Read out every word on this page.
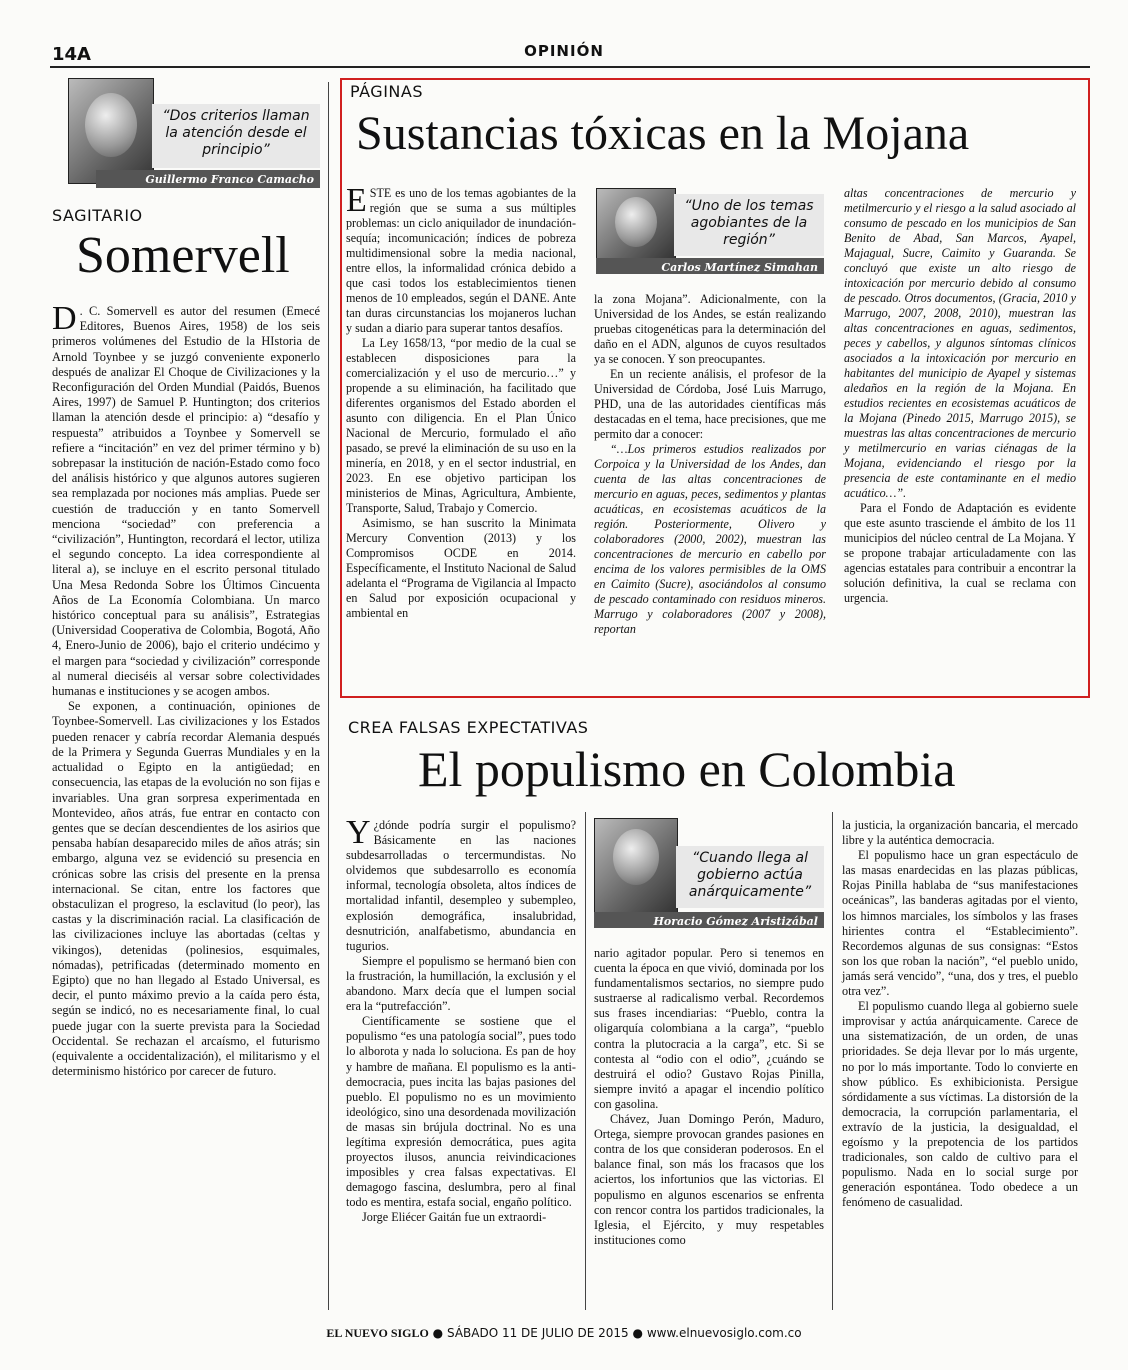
14A	OPINIÓN
“Dos criterios llaman la atención desde el principio”
Guillermo Franco Camacho
SAGITARIO
Somervell

D . C. Somervell es autor del resumen (Emecé Editores, Buenos Aires, 1958) de los seis primeros volúmenes del Estudio de la HIstoria de Arnold Toynbee y se juzgó conveniente exponerlo después de analizar El Choque de Civilizaciones y la Reconfiguración del Orden Mundial (Paidós, Buenos Aires, 1997) de Samuel P. Huntington; dos criterios llaman la atención desde el principio: a) “desafío y respuesta” atribuidos a Toynbee y Somervell se refiere a “incitación” en vez del primer término y b) sobrepasar la institución de nación-Estado como foco del análisis histórico y que algunos autores sugieren sea remplazada por nociones más amplias. Puede ser cuestión de traducción y en tanto Somervell menciona “sociedad” con preferencia a “civilización”, Huntington, recordará el lector, utiliza el segundo concepto. La idea correspondiente al literal a), se incluye en el escrito personal titulado Una Mesa Redonda Sobre los Últimos Cincuenta Años de La Economía Colombiana. Un marco histórico conceptual para su análisis”, Estrategias (Universidad Cooperativa de Colombia, Bogotá, Año 4, Enero-Junio de 2006), bajo el criterio undécimo y el margen para “sociedad y civilización” corresponde al numeral dieciséis al versar sobre colectividades humanas e instituciones y se acogen ambos.

Se exponen, a continuación, opiniones de Toynbee-Somervell. Las civilizaciones y los Estados pueden renacer y cabría recordar Alemania después de la Primera y Segunda Guerras Mundiales y en la actualidad o Egipto en la antigüedad; en consecuencia, las etapas de la evolución no son fijas e invariables. Una gran sorpresa experimentada en Montevideo, años atrás, fue entrar en contacto con gentes que se decían descendientes de los asirios que pensaba habían desaparecido miles de años atrás; sin embargo, alguna vez se evidenció su presencia en crónicas sobre las crisis del presente en la prensa internacional. Se citan, entre los factores que obstaculizan el progreso, la esclavitud (lo peor), las castas y la discriminación racial. La clasificación de las civilizaciones incluye las abortadas (celtas y vikingos), detenidas (polinesios, esquimales, nómadas), petrificadas (determinado momento en Egipto) que no han llegado al Estado Universal, es decir, el punto máximo previo a la caída pero ésta, según se indicó, no es necesariamente final, lo cual puede jugar con la suerte prevista para la Sociedad Occidental. Se rechazan el arcaísmo, el futurismo (equivalente a occidentalización), el militarismo y el determinismo histórico por carecer de futuro.

PÁGINAS
Sustancias tóxicas en la Mojana
“Uno de los temas agobiantes de la región”
Carlos Martínez Simahan

ESTE es uno de los temas agobiantes de la región que se suma a sus múltiples problemas: un ciclo aniquilador de inundación-sequía; incomunicación; índices de pobreza multidimensional sobre la media nacional, entre ellos, la informalidad crónica debido a que casi todos los establecimientos tienen menos de 10 empleados, según el DANE. Ante tan duras circunstancias los mojaneros luchan y sudan a diario para superar tantos desafíos.

La Ley 1658/13, “por medio de la cual se establecen disposiciones para la comercialización y el uso de mercurio…” y propende a su eliminación, ha facilitado que diferentes organismos del Estado aborden el asunto con diligencia. En el Plan Único Nacional de Mercurio, formulado el año pasado, se prevé la eliminación de su uso en la minería, en 2018, y en el sector industrial, en 2023. En ese objetivo participan los ministerios de Minas, Agricultura, Ambiente, Transporte, Salud, Trabajo y Comercio.

Asimismo, se han suscrito la Minimata Mercury Convention (2013) y los Compromisos OCDE en 2014. Específicamente, el Instituto Nacional de Salud adelanta el “Programa de Vigilancia al Impacto en Salud por exposición ocupacional y ambiental en

la zona Mojana”. Adicionalmente, con la Universidad de los Andes, se están realizando pruebas citogenéticas para la determinación del daño en el ADN, algunos de cuyos resultados ya se conocen. Y son preocupantes.

En un reciente análisis, el profesor de la Universidad de Córdoba, José Luis Marrugo, PHD, una de las autoridades científicas más destacadas en el tema, hace precisiones, que me permito dar a conocer:

“…Los primeros estudios realizados por Corpoica y la Universidad de los Andes, dan cuenta de las altas concentraciones de mercurio en aguas, peces, sedimentos y plantas acuáticas, en ecosistemas acuáticos de la región. Posteriormente, Olivero y colaboradores (2000, 2002), muestran las concentraciones de mercurio en cabello por encima de los valores permisibles de la OMS en Caimito (Sucre), asociándolos al consumo de pescado contaminado con residuos mineros. Marrugo y colaboradores (2007 y 2008), reportan

altas concentraciones de mercurio y metilmercurio y el riesgo a la salud asociado al consumo de pescado en los municipios de San Benito de Abad, San Marcos, Ayapel, Majagual, Sucre, Caimito y Guaranda. Se concluyó que existe un alto riesgo de intoxicación por mercurio debido al consumo de pescado. Otros documentos, (Gracia, 2010 y Marrugo, 2007, 2008, 2010), muestran las altas concentraciones en aguas, sedimentos, peces y cabellos, y algunos síntomas clínicos asociados a la intoxicación por mercurio en habitantes del municipio de Ayapel y sistemas aledaños en la región de la Mojana. En estudios recientes en ecosistemas acuáticos de la Mojana (Pinedo 2015, Marrugo 2015), se muestras las altas concentraciones de mercurio y metilmercurio en varias ciénagas de la Mojana, evidenciando el riesgo por la presencia de este contaminante en el medio acuático…”.

Para el Fondo de Adaptación es evidente que este asunto trasciende el ámbito de los 11 municipios del núcleo central de La Mojana. Y se propone trabajar articuladamente con las agencias estatales para contribuir a encontrar la solución definitiva, la cual se reclama con urgencia.

CREA FALSAS EXPECTATIVAS
El populismo en Colombia
“Cuando llega al gobierno actúa anárquicamente”
Horacio Gómez Aristizábal

Y ¿dónde podría surgir el populismo? Básicamente en las naciones subdesarrolladas o tercermundistas. No olvidemos que subdesarrollo es economía informal, tecnología obsoleta, altos índices de mortalidad infantil, desempleo y subempleo, explosión demográfica, insalubridad, desnutrición, analfabetismo, abundancia en tugurios.

Siempre el populismo se hermanó bien con la frustración, la humillación, la exclusión y el abandono. Marx decía que el lumpen social era la “putrefacción”.

Científicamente se sostiene que el populismo “es una patología social”, pues todo lo alborota y nada lo soluciona. Es pan de hoy y hambre de mañana. El populismo es la anti-democracia, pues incita las bajas pasiones del pueblo. El populismo no es un movimiento ideológico, sino una desordenada movilización de masas sin brújula doctrinal. No es una legítima expresión democrática, pues agita proyectos ilusos, anuncia reivindicaciones imposibles y crea falsas expectativas. El demagogo fascina, deslumbra, pero al final todo es mentira, estafa social, engaño político.

Jorge Eliécer Gaitán fue un extraordi-

nario agitador popular. Pero si tenemos en cuenta la época en que vivió, dominada por los fundamentalismos sectarios, no siempre pudo sustraerse al radicalismo verbal. Recordemos sus frases incendiarias: “Pueblo, contra la oligarquía colombiana a la carga”, “pueblo contra la plutocracia a la carga”, etc. Si se contesta al “odio con el odio”, ¿cuándo se destruirá el odio? Gustavo Rojas Pinilla, siempre invitó a apagar el incendio político con gasolina.

Chávez, Juan Domingo Perón, Maduro, Ortega, siempre provocan grandes pasiones en contra de los que consideran poderosos. En el balance final, son más los fracasos que los aciertos, los infortunios que las victorias. El populismo en algunos escenarios se enfrenta con rencor contra los partidos tradicionales, la Iglesia, el Ejército, y muy respetables instituciones como

la justicia, la organización bancaria, el mercado libre y la auténtica democracia.

El populismo hace un gran espectáculo de las masas enardecidas en las plazas públicas, Rojas Pinilla hablaba de “sus manifestaciones oceánicas”, las banderas agitadas por el viento, los himnos marciales, los símbolos y las frases hirientes contra el “Establecimiento”. Recordemos algunas de sus consignas: “Estos son los que roban la nación”, “el pueblo unido, jamás será vencido”, “una, dos y tres, el pueblo otra vez”.

El populismo cuando llega al gobierno suele improvisar y actúa anárquicamente. Carece de una sistematización, de un orden, de unas prioridades. Se deja llevar por lo más urgente, no por lo más importante. Todo lo convierte en show público. Es exhibicionista. Persigue sórdidamente a sus víctimas. La distorsión de la democracia, la corrupción parlamentaria, el extravío de la justicia, la desigualdad, el egoísmo y la prepotencia de los partidos tradicionales, son caldo de cultivo para el populismo. Nada en lo social surge por generación espontánea. Todo obedece a un fenómeno de casualidad.

EL NUEVO SIGLO ● SÁBADO 11 DE JULIO DE 2015 ● www.elnuevosiglo.com.co
